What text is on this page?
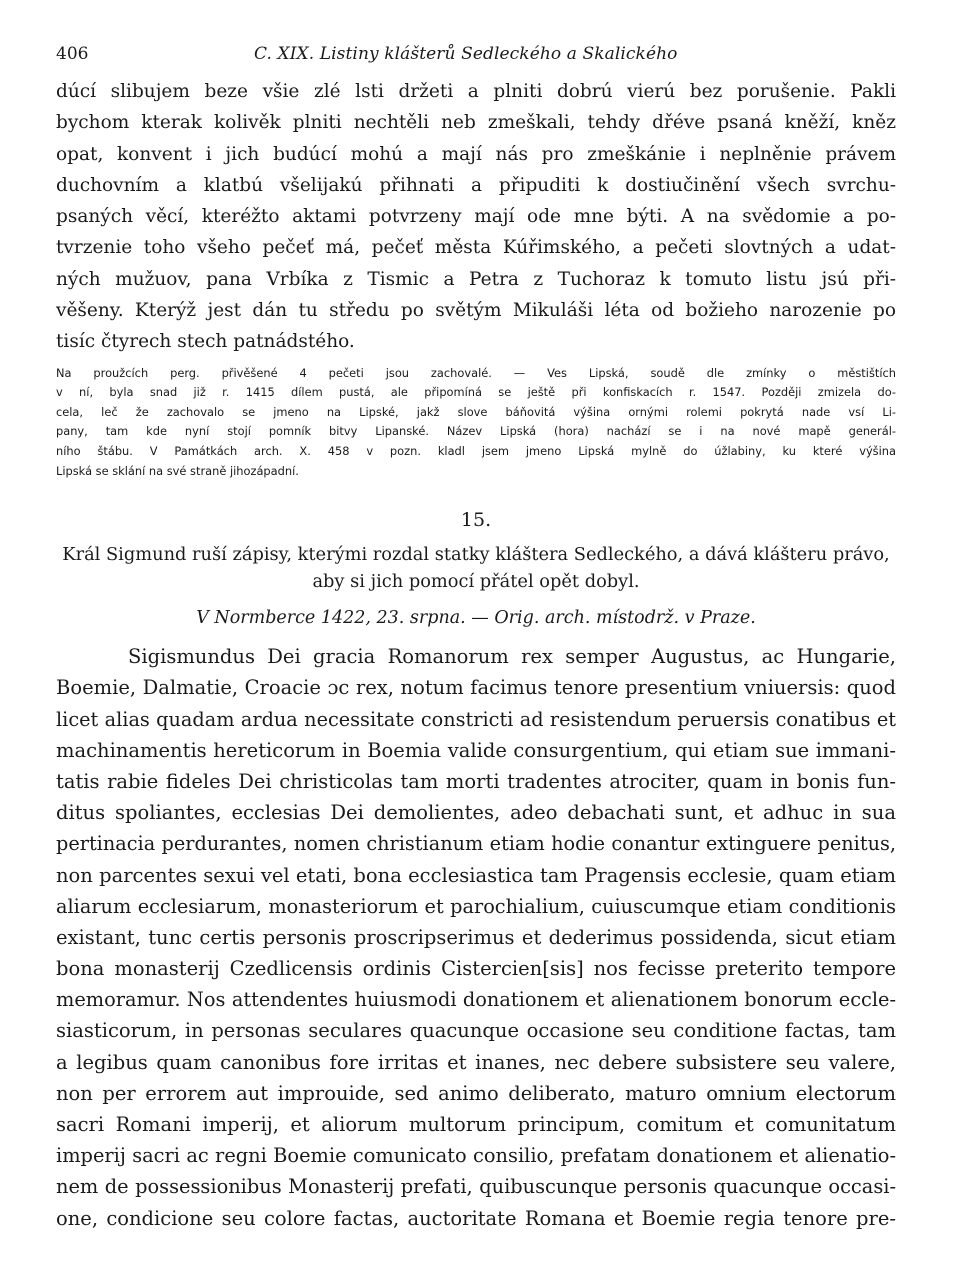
406	C. XIX. Listiny klášterů Sedleckého a Skalického
dúcí slibujem beze všie zlé lsti držeti a plniti dobrú vierú bez porušenie. Pakli
bychom kterak kolivěk plniti nechtěli neb zmeškali, tehdy dřéve psaná kněží, kněz
opat, konvent i jich budúcí mohú a mají nás pro zmeškánie i neplněnie právem
duchovním a klatbú všelijakú přihnati a připuditi k dostiučinění všech svrchu-
psaných věcí, kteréžto aktami potvrzeny mají ode mne býti. A na svědomie a po-
tvrzenie toho všeho pečeť má, pečeť města Kúřimského, a pečeti slovtných a udat-
ných mužuov, pana Vrbíka z Tismic a Petra z Tuchoraz k tomuto listu jsú při-
věšeny. Kterýž jest dán tu středu po světým Mikuláši léta od božieho narozenie po
tisíc čtyrech stech patnádstého.
Na proužcích perg. přivěšené 4 pečeti jsou zachovalé. — Ves Lipská, soudě dle zmínky o městištích
v ní, byla snad již r. 1415 dílem pustá, ale připomíná se ještě při konfiskacích r. 1547. Později zmizela do-
cela, leč že zachovalo se jmeno na Lipské, jakž slove báňovitá výšina ornými rolemi pokrytá nade vsí Li-
pany, tam kde nyní stojí pomník bitvy Lipanské. Název Lipská (hora) nachází se i na nové mapě generál-
ního štábu. V Památkách arch. X. 458 v pozn. kladl jsem jmeno Lipská mylně do úžlabiny, ku které výšina
Lipská se sklání na své straně jihozápadní.
15.
Král Sigmund ruší zápisy, kterými rozdal statky kláštera Sedleckého, a dává klášteru právo,
aby si jich pomocí přátel opět dobyl.
V Normberce 1422, 23. srpna. — Orig. arch. místodrž. v Praze.
Sigismundus Dei gracia Romanorum rex semper Augustus, ac Hungarie,
Boemie, Dalmatie, Croacie ɔc rex, notum facimus tenore presentium vniuersis: quod
licet alias quadam ardua necessitate constricti ad resistendum peruersis conatibus et
machinamentis hereticorum in Boemia valide consurgentium, qui etiam sue immani-
tatis rabie fideles Dei christicolas tam morti tradentes atrociter, quam in bonis fun-
ditus spoliantes, ecclesias Dei demolientes, adeo debachati sunt, et adhuc in sua
pertinacia perdurantes, nomen christianum etiam hodie conantur extinguere penitus,
non parcentes sexui vel etati, bona ecclesiastica tam Pragensis ecclesie, quam etiam
aliarum ecclesiarum, monasteriorum et parochialium, cuiuscumque etiam conditionis
existant, tunc certis personis proscripserimus et dederimus possidenda, sicut etiam
bona monasterij Czedlicensis ordinis Cistercien[sis] nos fecisse preterito tempore
memoramur. Nos attendentes huiusmodi donationem et alienationem bonorum eccle-
siasticorum, in personas seculares quacunque occasione seu conditione factas, tam
a legibus quam canonibus fore irritas et inanes, nec debere subsistere seu valere,
non per errorem aut improuide, sed animo deliberato, maturo omnium electorum
sacri Romani imperij, et aliorum multorum principum, comitum et comunitatum
imperij sacri ac regni Boemie comunicato consilio, prefatam donationem et alienatio-
nem de possessionibus Monasterij prefati, quibuscunque personis quacunque occasi-
one, condicione seu colore factas, auctoritate Romana et Boemie regia tenore pre-
